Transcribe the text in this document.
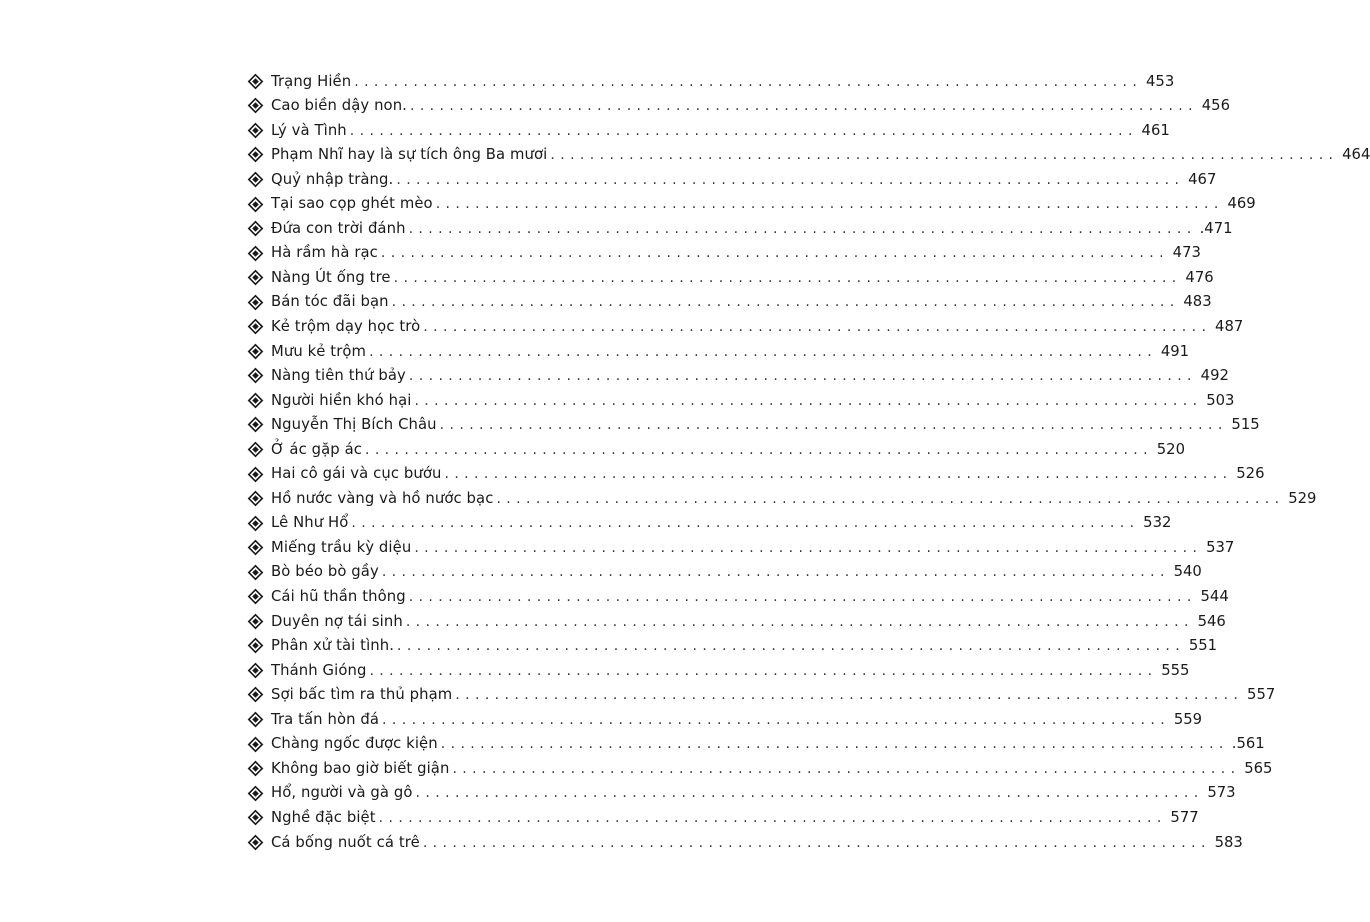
Trạng Hiền ................................................................................ 453
Cao biền dậy non. ................................................................................ 456
Lý và Tình ................................................................................ 461
Phạm Nhĩ hay là sự tích ông Ba mươi ................................................................................ 464
Quỷ nhập tràng. ................................................................................ 467
Tại sao cọp ghét mèo ................................................................................ 469
Đứa con trời đánh ................................................................................ .471
Hà rầm hà rạc ................................................................................ 473
Nàng Út ống tre ................................................................................ 476
Bán tóc đãi bạn ................................................................................ 483
Kẻ trộm dạy học trò ................................................................................ 487
Mưu kẻ trộm ................................................................................ 491
Nàng tiên thứ bảy ................................................................................ 492
Người hiền khó hại ................................................................................ 503
Nguyễn Thị Bích Châu ................................................................................ 515
Ở ác gặp ác ................................................................................ 520
Hai cô gái và cục bướu ................................................................................ 526
Hồ nước vàng và hồ nước bạc ................................................................................ 529
Lê Như Hổ ................................................................................ 532
Miếng trầu kỳ diệu ................................................................................ 537
Bò béo bò gầy ................................................................................ 540
Cái hũ thần thông ................................................................................ 544
Duyên nợ tái sinh ................................................................................ 546
Phân xử tài tình. ................................................................................ 551
Thánh Gióng ................................................................................ 555
Sợi bấc tìm ra thủ phạm ................................................................................ 557
Tra tấn hòn đá ................................................................................ 559
Chàng ngốc được kiện ................................................................................ .561
Không bao giờ biết giận ................................................................................ 565
Hổ, người và gà gô ................................................................................ 573
Nghề đặc biệt ................................................................................ 577
Cá bống nuốt cá trê ................................................................................ 583
